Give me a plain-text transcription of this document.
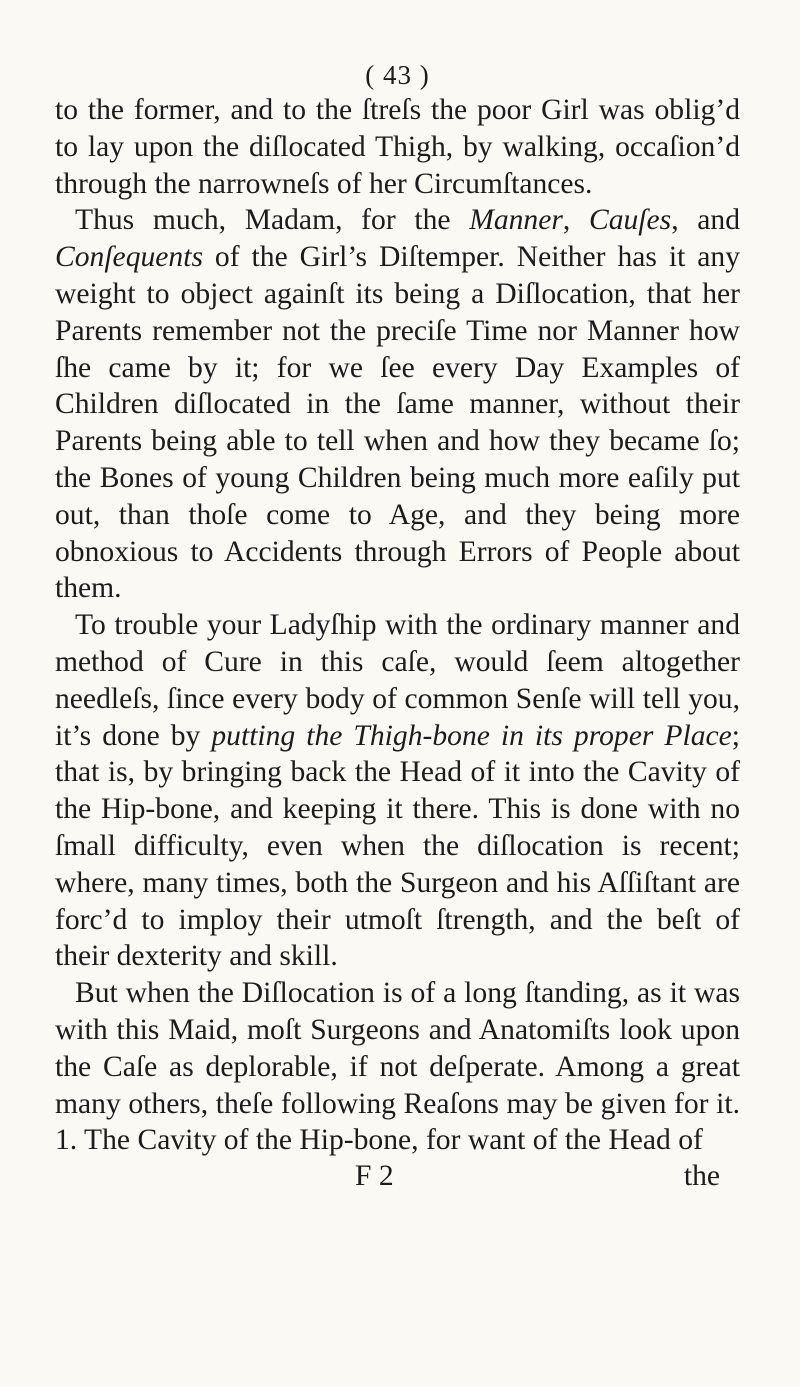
( 43 )

to the former, and to the ſtreſs the poor Girl was oblig’d to lay upon the diſlocated Thigh, by walking, occaſion’d through the narrowneſs of her Circumſtances.

Thus much, Madam, for the Manner, Cauſes, and Conſequents of the Girl’s Diſtemper. Neither has it any weight to object againſt its being a Diſlocation, that her Parents remember not the preciſe Time nor Manner how ſhe came by it; for we ſee every Day Examples of Children diſlocated in the ſame manner, without their Parents being able to tell when and how they became ſo; the Bones of young Children being much more eaſily put out, than thoſe come to Age, and they being more obnoxious to Accidents through Errors of People about them.

To trouble your Ladyſhip with the ordinary manner and method of Cure in this caſe, would ſeem altogether needleſs, ſince every body of common Senſe will tell you, it’s done by putting the Thigh-bone in its proper Place; that is, by bringing back the Head of it into the Cavity of the Hip-bone, and keeping it there. This is done with no ſmall difficulty, even when the diſlocation is recent; where, many times, both the Surgeon and his Aſſiſtant are forc’d to imploy their utmoſt ſtrength, and the beſt of their dexterity and skill.

But when the Diſlocation is of a long ſtanding, as it was with this Maid, moſt Surgeons and Anatomiſts look upon the Caſe as deplorable, if not deſperate. Among a great many others, theſe following Reaſons may be given for it. 1. The Cavity of the Hip-bone, for want of the Head of

F 2	the
